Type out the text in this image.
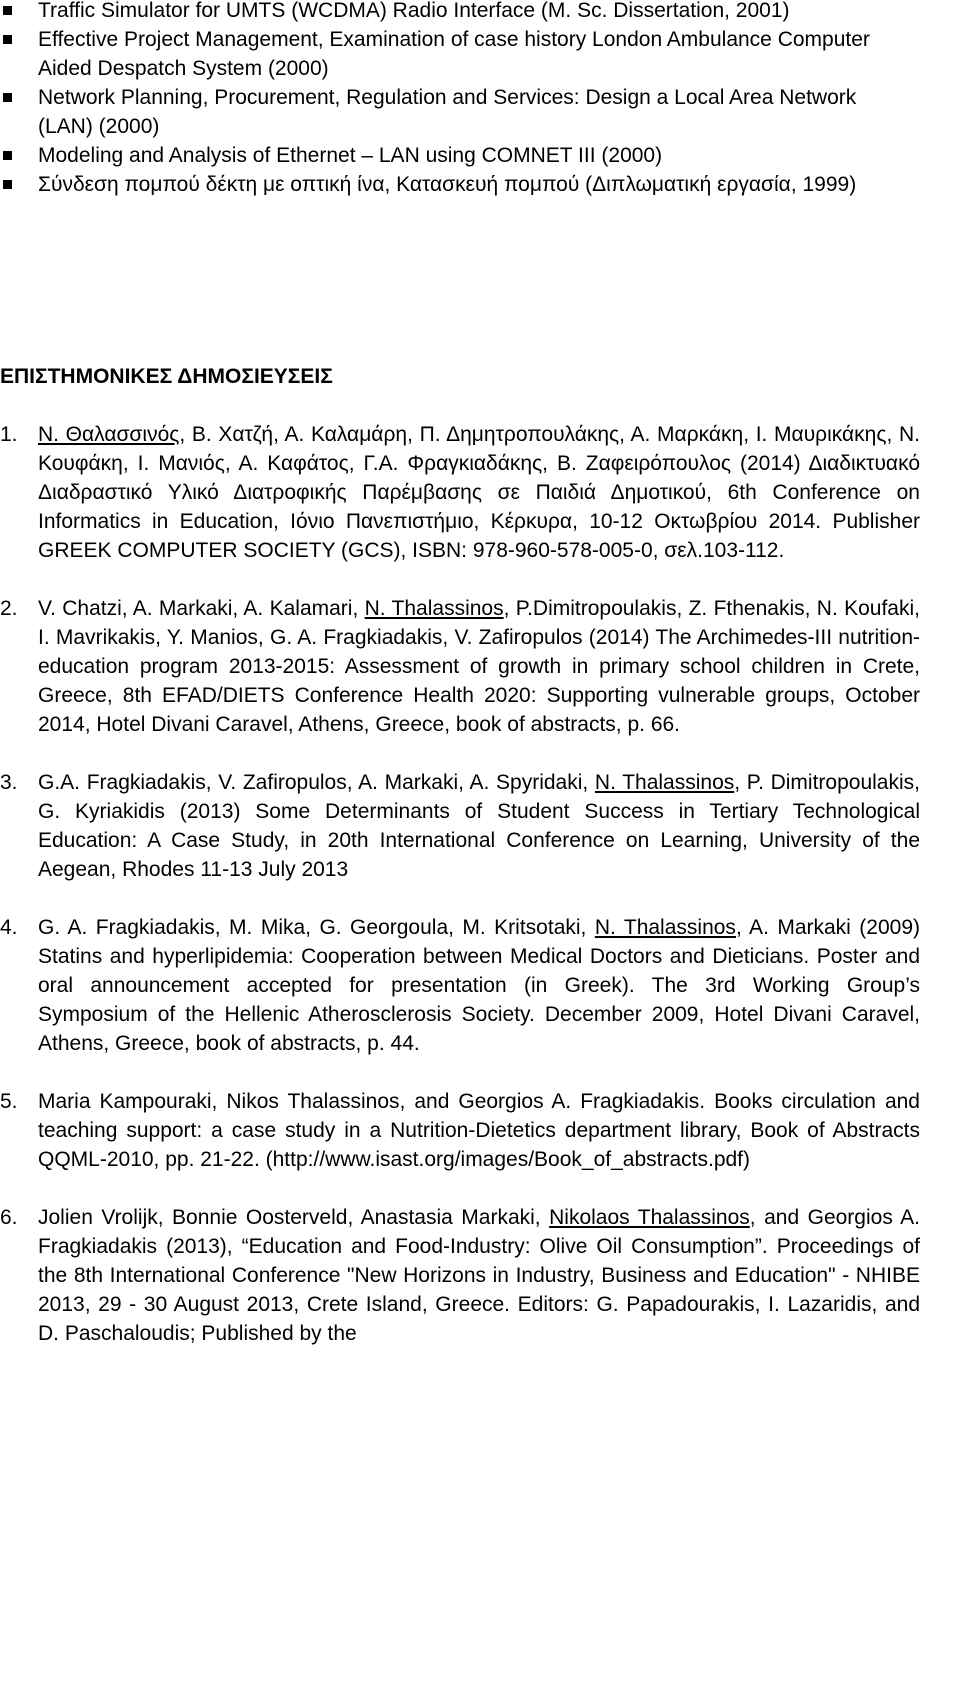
Traffic Simulator for UMTS (WCDMA) Radio Interface (M. Sc. Dissertation, 2001)
Effective Project Management, Examination of case history London Ambulance Computer Aided Despatch System (2000)
Network Planning, Procurement, Regulation and Services: Design a Local Area Network (LAN) (2000)
Modeling and Analysis of Ethernet – LAN using COMNET III (2000)
Σύνδεση πομπού δέκτη με οπτική ίνα, Κατασκευή πομπού (Διπλωματική εργασία, 1999)
ΕΠΙΣΤΗΜΟΝΙΚΕΣ ΔΗΜΟΣΙΕΥΣΕΙΣ
1. Ν. Θαλασσινός, Β. Χατζή, Α. Καλαμάρη, Π. Δημητροπουλάκης, Α. Μαρκάκη, Ι. Μαυρικάκης, Ν. Κουφάκη, Ι. Μανιός, Α. Καφάτος, Γ.Α. Φραγκιαδάκης, Β. Ζαφειρόπουλος (2014) Διαδικτυακό Διαδραστικό Υλικό Διατροφικής Παρέμβασης σε Παιδιά Δημοτικού, 6th Conference on Informatics in Education, Ιόνιο Πανεπιστήμιο, Κέρκυρα, 10-12 Οκτωβρίου 2014. Publisher GREEK COMPUTER SOCIETY (GCS), ISBN: 978-960-578-005-0, σελ.103-112.
2. V. Chatzi, A. Markaki, A. Kalamari, N. Thalassinos, P.Dimitropoulakis, Z. Fthenakis, N. Koufaki, I. Mavrikakis, Y. Manios, G. A. Fragkiadakis, V. Zafiropulos (2014) The Archimedes-III nutrition-education program 2013-2015: Assessment of growth in primary school children in Crete, Greece, 8th EFAD/DIETS Conference Health 2020: Supporting vulnerable groups, October 2014, Hotel Divani Caravel, Athens, Greece, book of abstracts, p. 66.
3. G.A. Fragkiadakis, V. Zafiropulos, A. Markaki, A. Spyridaki, N. Thalassinos, P. Dimitropoulakis, G. Kyriakidis (2013) Some Determinants of Student Success in Tertiary Technological Education: A Case Study, in 20th International Conference on Learning, University of the Aegean, Rhodes 11-13 July 2013
4. G. A. Fragkiadakis, M. Mika, G. Georgoula, M. Kritsotaki, N. Thalassinos, A. Markaki (2009) Statins and hyperlipidemia: Cooperation between Medical Doctors and Dieticians. Poster and oral announcement accepted for presentation (in Greek). The 3rd Working Group’s Symposium of the Hellenic Atherosclerosis Society. December 2009, Hotel Divani Caravel, Athens, Greece, book of abstracts, p. 44.
5. Maria Kampouraki, Nikos Thalassinos, and Georgios A. Fragkiadakis. Books circulation and teaching support: a case study in a Nutrition-Dietetics department library, Book of Abstracts QQML-2010, pp. 21-22. (http://www.isast.org/images/Book_of_abstracts.pdf)
6. Jolien Vrolijk, Bonnie Oosterveld, Anastasia Markaki, Nikolaos Thalassinos, and Georgios A. Fragkiadakis (2013), “Education and Food-Industry: Olive Oil Consumption”. Proceedings of the 8th International Conference "New Horizons in Industry, Business and Education" - NHIBE 2013, 29 - 30 August 2013, Crete Island, Greece. Editors: G. Papadourakis, I. Lazaridis, and D. Paschaloudis; Published by the
